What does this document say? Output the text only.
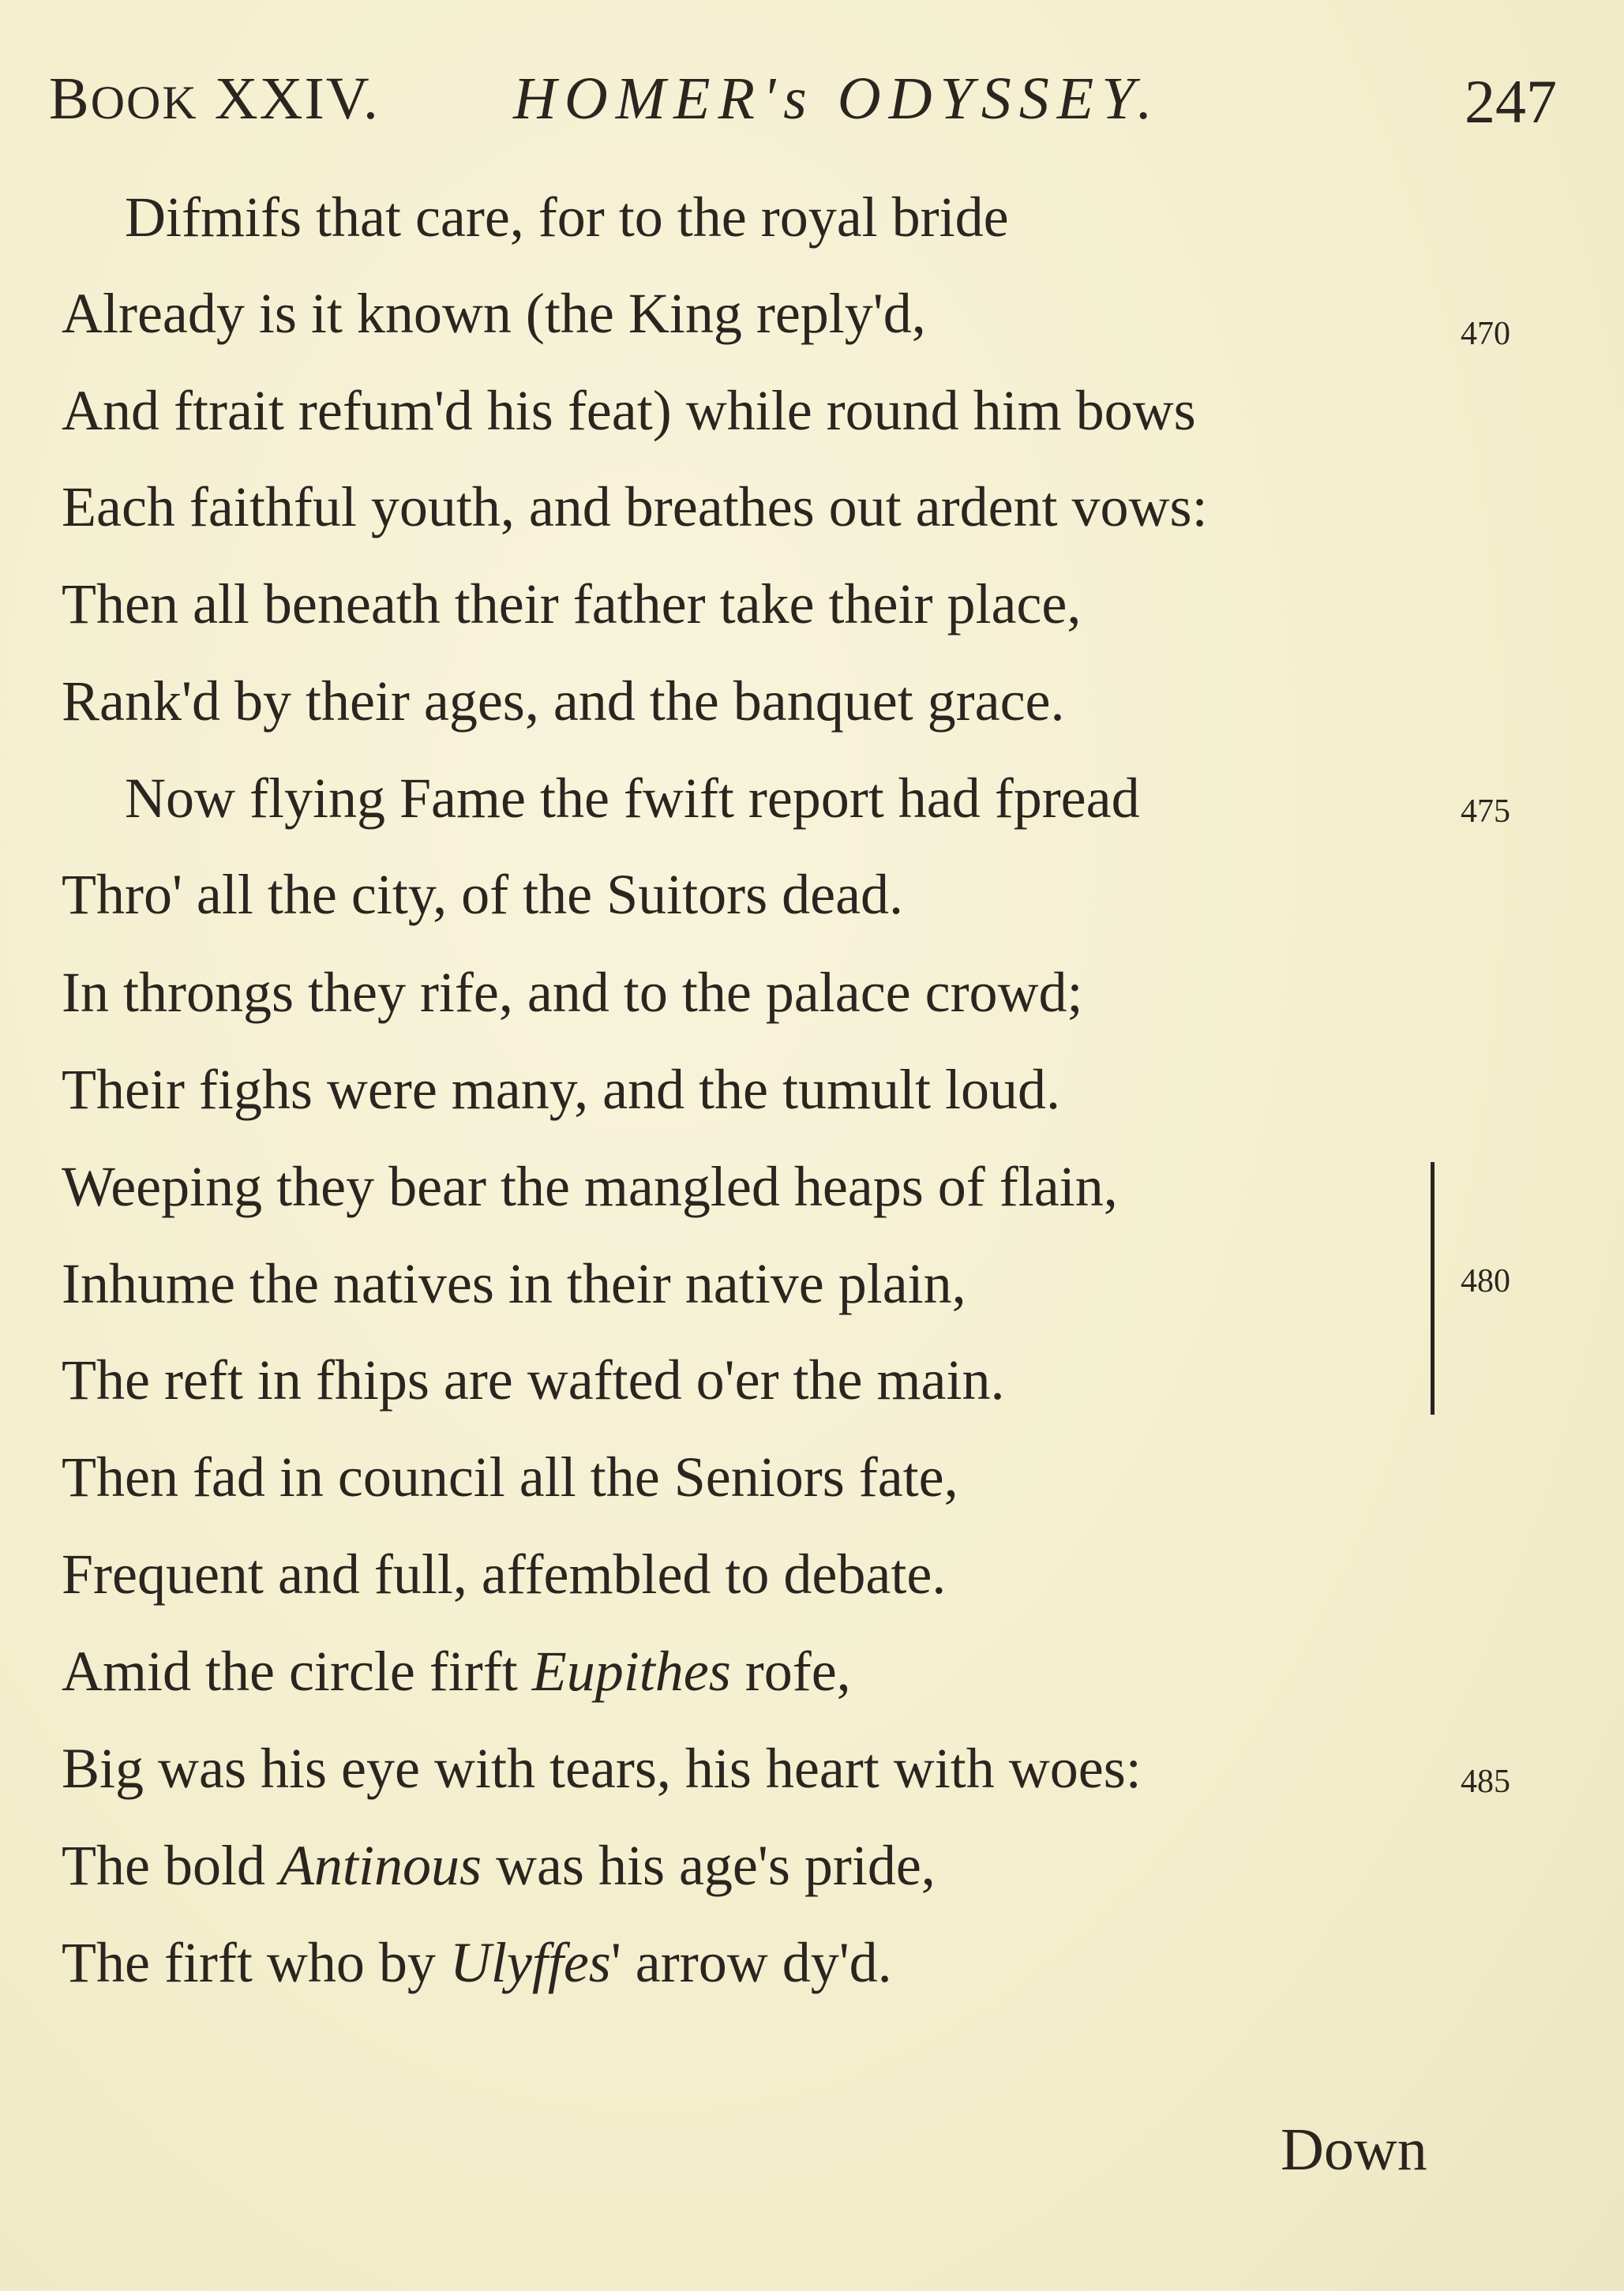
BOOK XXIV. HOMER's ODYSSEY.	247
Difmifs that care, for to the royal bride
Already is it known (the King reply'd,
And ftrait refum'd his feat) while round him bows
Each faithful youth, and breathes out ardent vows:
Then all beneath their father take their place,
Rank'd by their ages, and the banquet grace.
Now flying Fame the fwift report had fpread
Thro' all the city, of the Suitors dead.
In throngs they rife, and to the palace crowd;
Their fighs were many, and the tumult loud.
Weeping they bear the mangled heaps of flain,
Inhume the natives in their native plain,
The reft in fhips are wafted o'er the main.
Then fad in council all the Seniors fate,
Frequent and full, affembled to debate.
Amid the circle firft Eupithes rofe,
Big was his eye with tears, his heart with woes:
The bold Antinous was his age's pride,
The firft who by Ulyffes' arrow dy'd.
470
475
480
485
Down
